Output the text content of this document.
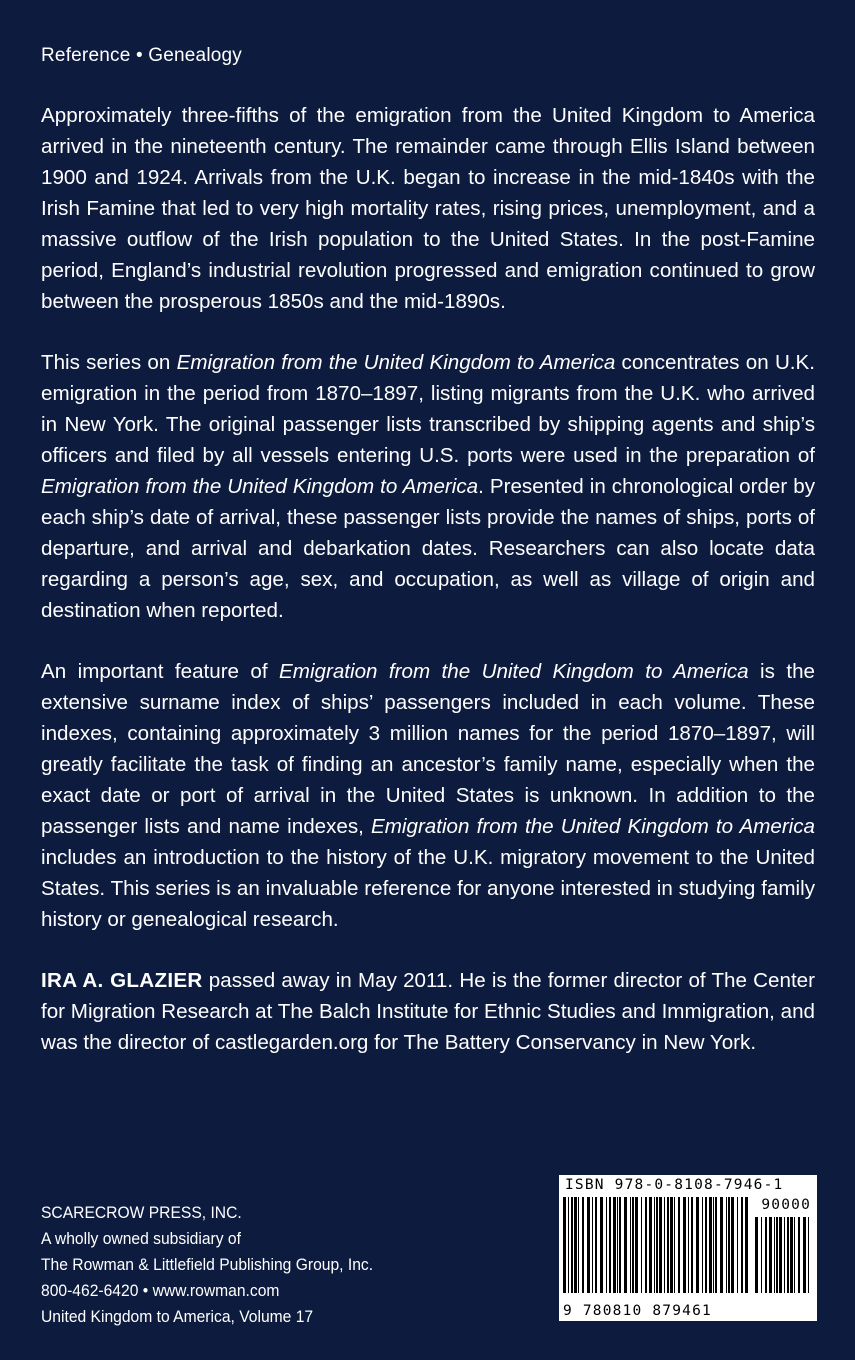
Reference • Genealogy

Approximately three-fifths of the emigration from the United Kingdom to America arrived in the nineteenth century. The remainder came through Ellis Island between 1900 and 1924. Arrivals from the U.K. began to increase in the mid-1840s with the Irish Famine that led to very high mortality rates, rising prices, unemployment, and a massive outflow of the Irish population to the United States. In the post-Famine period, England’s industrial revolution progressed and emigration continued to grow between the prosperous 1850s and the mid-1890s.

This series on Emigration from the United Kingdom to America concentrates on U.K. emigration in the period from 1870–1897, listing migrants from the U.K. who arrived in New York. The original passenger lists transcribed by shipping agents and ship’s officers and filed by all vessels entering U.S. ports were used in the preparation of Emigration from the United Kingdom to America. Presented in chronological order by each ship’s date of arrival, these passenger lists provide the names of ships, ports of departure, and arrival and debarkation dates. Researchers can also locate data regarding a person’s age, sex, and occupation, as well as village of origin and destination when reported.

An important feature of Emigration from the United Kingdom to America is the extensive surname index of ships’ passengers included in each volume. These indexes, containing approximately 3 million names for the period 1870–1897, will greatly facilitate the task of finding an ancestor’s family name, especially when the exact date or port of arrival in the United States is unknown. In addition to the passenger lists and name indexes, Emigration from the United Kingdom to America includes an introduction to the history of the U.K. migratory movement to the United States. This series is an invaluable reference for anyone interested in studying family history or genealogical research.

IRA A. GLAZIER passed away in May 2011. He is the former director of The Center for Migration Research at The Balch Institute for Ethnic Studies and Immigration, and was the director of castlegarden.org for The Battery Conservancy in New York.

SCARECROW PRESS, INC.
A wholly owned subsidiary of
The Rowman & Littlefield Publishing Group, Inc.
800-462-6420 • www.rowman.com
United Kingdom to America, Volume 17
ISBN 978-0-8108-7946-1
90000
9 780810 879461
